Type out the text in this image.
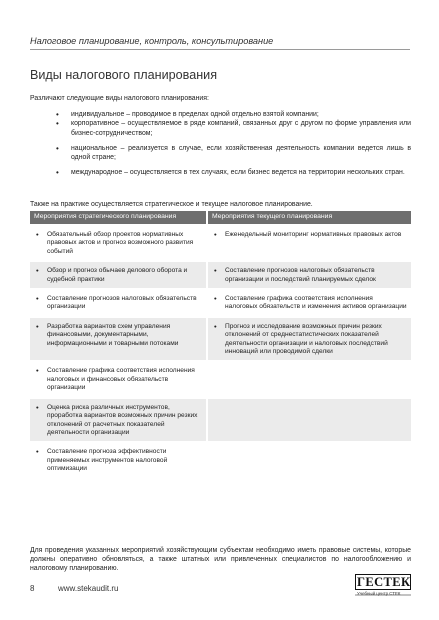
Налоговое планирование, контроль, консультирование
Виды налогового планирования
Различают следующие виды налогового планирования:
• индивидуальное – проводимое в пределах одной отдельно взятой компании;
• корпоративное – осуществляемое в ряде компаний, связанных друг с другом по форме управления или бизнес-сотрудничеством;
• национальное – реализуется в случае, если хозяйственная деятельность компании ведется лишь в одной стране;
• международное – осуществляется в тех случаях, если бизнес ведется на территории нескольких стран.
Также на практике осуществляется стратегическое и текущее налоговое планирование.
Мероприятия стратегического планирования	Мероприятия текущего планирования

• Обязательный обзор проектов нормативных правовых актов и прогноз возможного развития событий	• Еженедельный мониторинг нормативных правовых актов

• Обзор и прогноз обычаев делового оборота и судебной практики	• Составление прогнозов налоговых обязательств организации и последствий планируемых сделок

• Составление прогнозов налоговых обязательств организации	• Составление графика соответствия исполнения налоговых обязательств и изменения активов организации

• Разработка вариантов схем управления финансовыми, документарными, информационными и товарными потоками	• Прогноз и исследование возможных причин резких отклонений от среднестатистических показателей деятельности организации и налоговых последствий инноваций или проводимой сделки

• Составление графика соответствия исполнения налоговых и финансовых обязательств организации

• Оценка риска различных инструментов, проработка вариантов возможных причин резких отклонений от расчетных показателей деятельности организации

• Составление прогноза эффективности применяемых инструментов налоговой оптимизации

Для проведения указанных мероприятий хозяйствующим субъектам необходимо иметь правовые системы, которые должны оперативно обновляться, а также штатных или привлеченных специалистов по налогообложению и налоговому планированию.
8	www.stekaudit.ru	ГЕСТЕК
Учебный центр СТЕК
